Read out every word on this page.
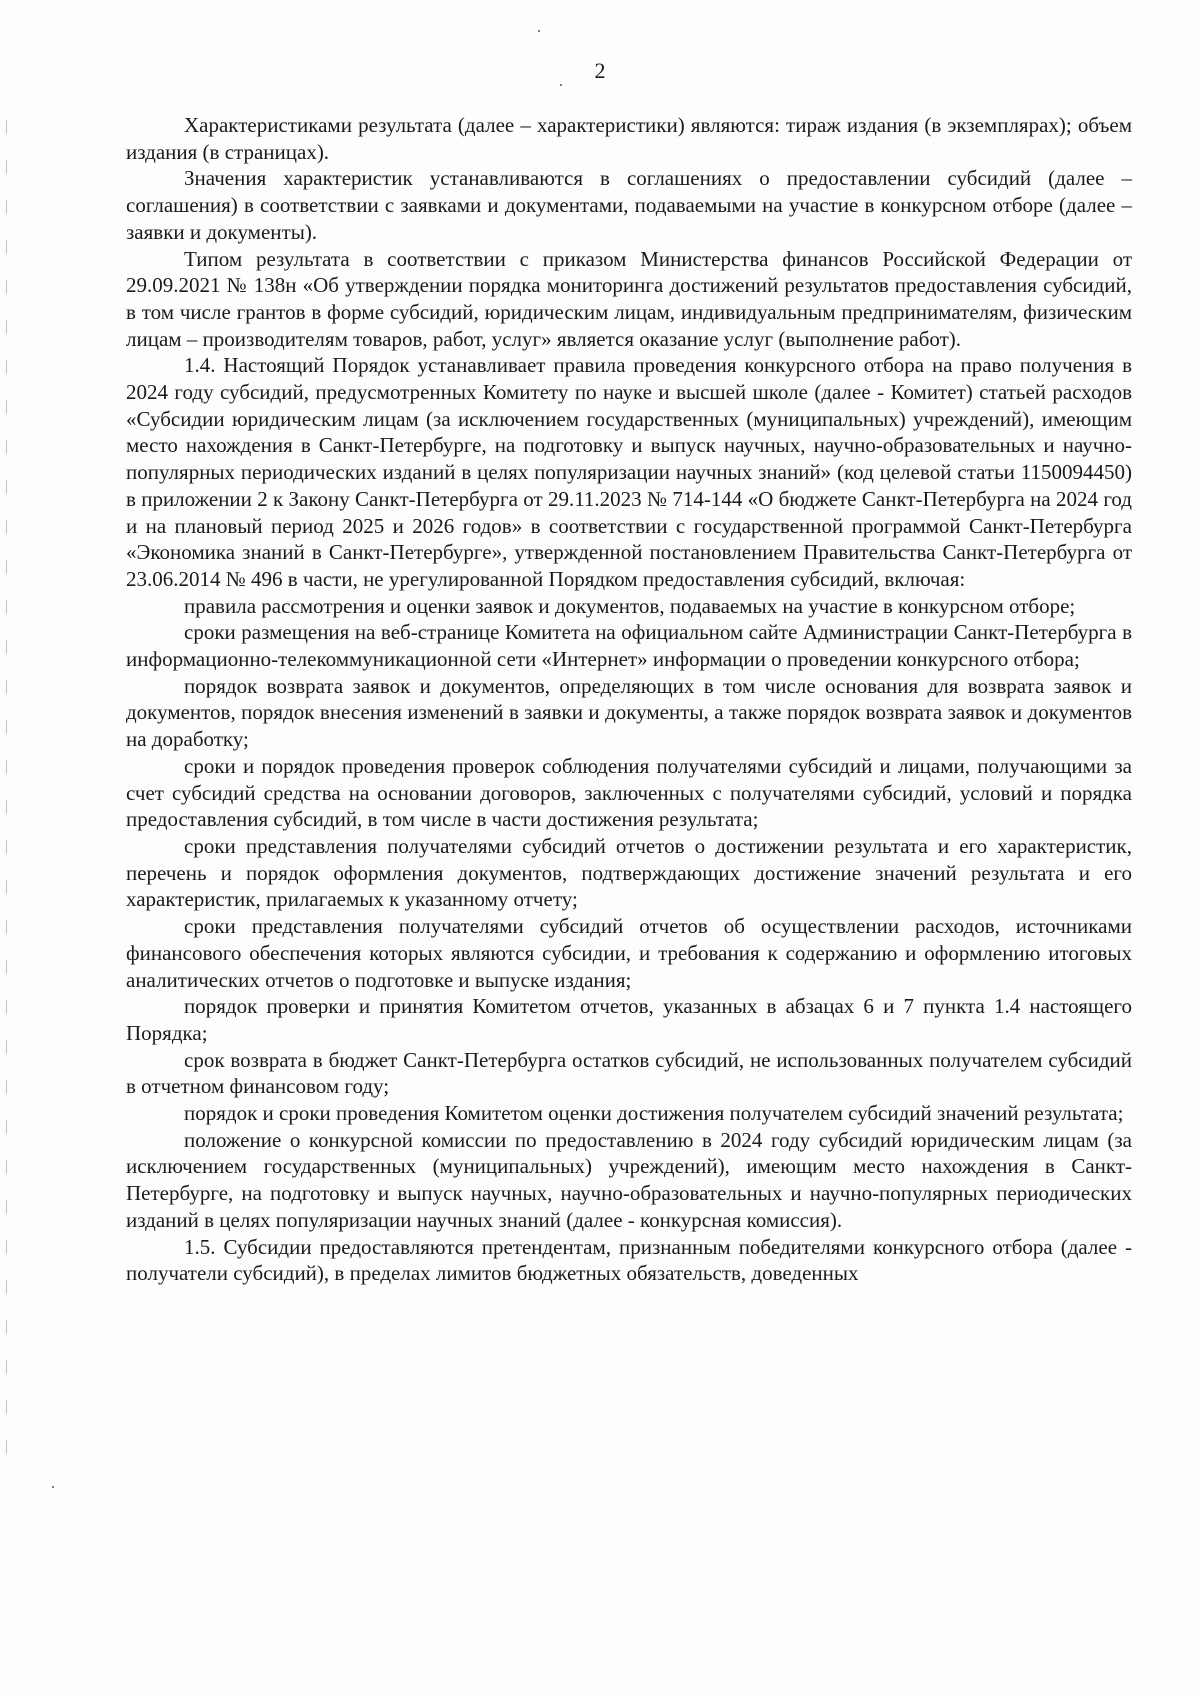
2

Характеристиками результата (далее – характеристики) являются: тираж издания (в экземплярах); объем издания (в страницах).

Значения характеристик устанавливаются в соглашениях о предоставлении субсидий (далее – соглашения) в соответствии с заявками и документами, подаваемыми на участие в конкурсном отборе (далее – заявки и документы).

Типом результата в соответствии с приказом Министерства финансов Российской Федерации от 29.09.2021 № 138н «Об утверждении порядка мониторинга достижений результатов предоставления субсидий, в том числе грантов в форме субсидий, юридическим лицам, индивидуальным предпринимателям, физическим лицам – производителям товаров, работ, услуг» является оказание услуг (выполнение работ).

1.4. Настоящий Порядок устанавливает правила проведения конкурсного отбора на право получения в 2024 году субсидий, предусмотренных Комитету по науке и высшей школе (далее - Комитет) статьей расходов «Субсидии юридическим лицам (за исключением государственных (муниципальных) учреждений), имеющим место нахождения в Санкт-Петербурге, на подготовку и выпуск научных, научно-образовательных и научно-популярных периодических изданий в целях популяризации научных знаний» (код целевой статьи 1150094450) в приложении 2 к Закону Санкт-Петербурга от 29.11.2023 № 714-144 «О бюджете Санкт-Петербурга на 2024 год и на плановый период 2025 и 2026 годов» в соответствии с государственной программой Санкт-Петербурга «Экономика знаний в Санкт-Петербурге», утвержденной постановлением Правительства Санкт-Петербурга от 23.06.2014 № 496 в части, не урегулированной Порядком предоставления субсидий, включая:

правила рассмотрения и оценки заявок и документов, подаваемых на участие в конкурсном отборе;

сроки размещения на веб-странице Комитета на официальном сайте Администрации Санкт-Петербурга в информационно-телекоммуникационной сети «Интернет» информации о проведении конкурсного отбора;

порядок возврата заявок и документов, определяющих в том числе основания для возврата заявок и документов, порядок внесения изменений в заявки и документы, а также порядок возврата заявок и документов на доработку;

сроки и порядок проведения проверок соблюдения получателями субсидий и лицами, получающими за счет субсидий средства на основании договоров, заключенных с получателями субсидий, условий и порядка предоставления субсидий, в том числе в части достижения результата;

сроки представления получателями субсидий отчетов о достижении результата и его характеристик, перечень и порядок оформления документов, подтверждающих достижение значений результата и его характеристик, прилагаемых к указанному отчету;

сроки представления получателями субсидий отчетов об осуществлении расходов, источниками финансового обеспечения которых являются субсидии, и требования к содержанию и оформлению итоговых аналитических отчетов о подготовке и выпуске издания;

порядок проверки и принятия Комитетом отчетов, указанных в абзацах 6 и 7 пункта 1.4 настоящего Порядка;

срок возврата в бюджет Санкт-Петербурга остатков субсидий, не использованных получателем субсидий в отчетном финансовом году;

порядок и сроки проведения Комитетом оценки достижения получателем субсидий значений результата;

положение о конкурсной комиссии по предоставлению в 2024 году субсидий юридическим лицам (за исключением государственных (муниципальных) учреждений), имеющим место нахождения в Санкт-Петербурге, на подготовку и выпуск научных, научно-образовательных и научно-популярных периодических изданий в целях популяризации научных знаний (далее - конкурсная комиссия).

1.5. Субсидии предоставляются претендентам, признанным победителями конкурсного отбора (далее - получатели субсидий), в пределах лимитов бюджетных обязательств, доведенных
